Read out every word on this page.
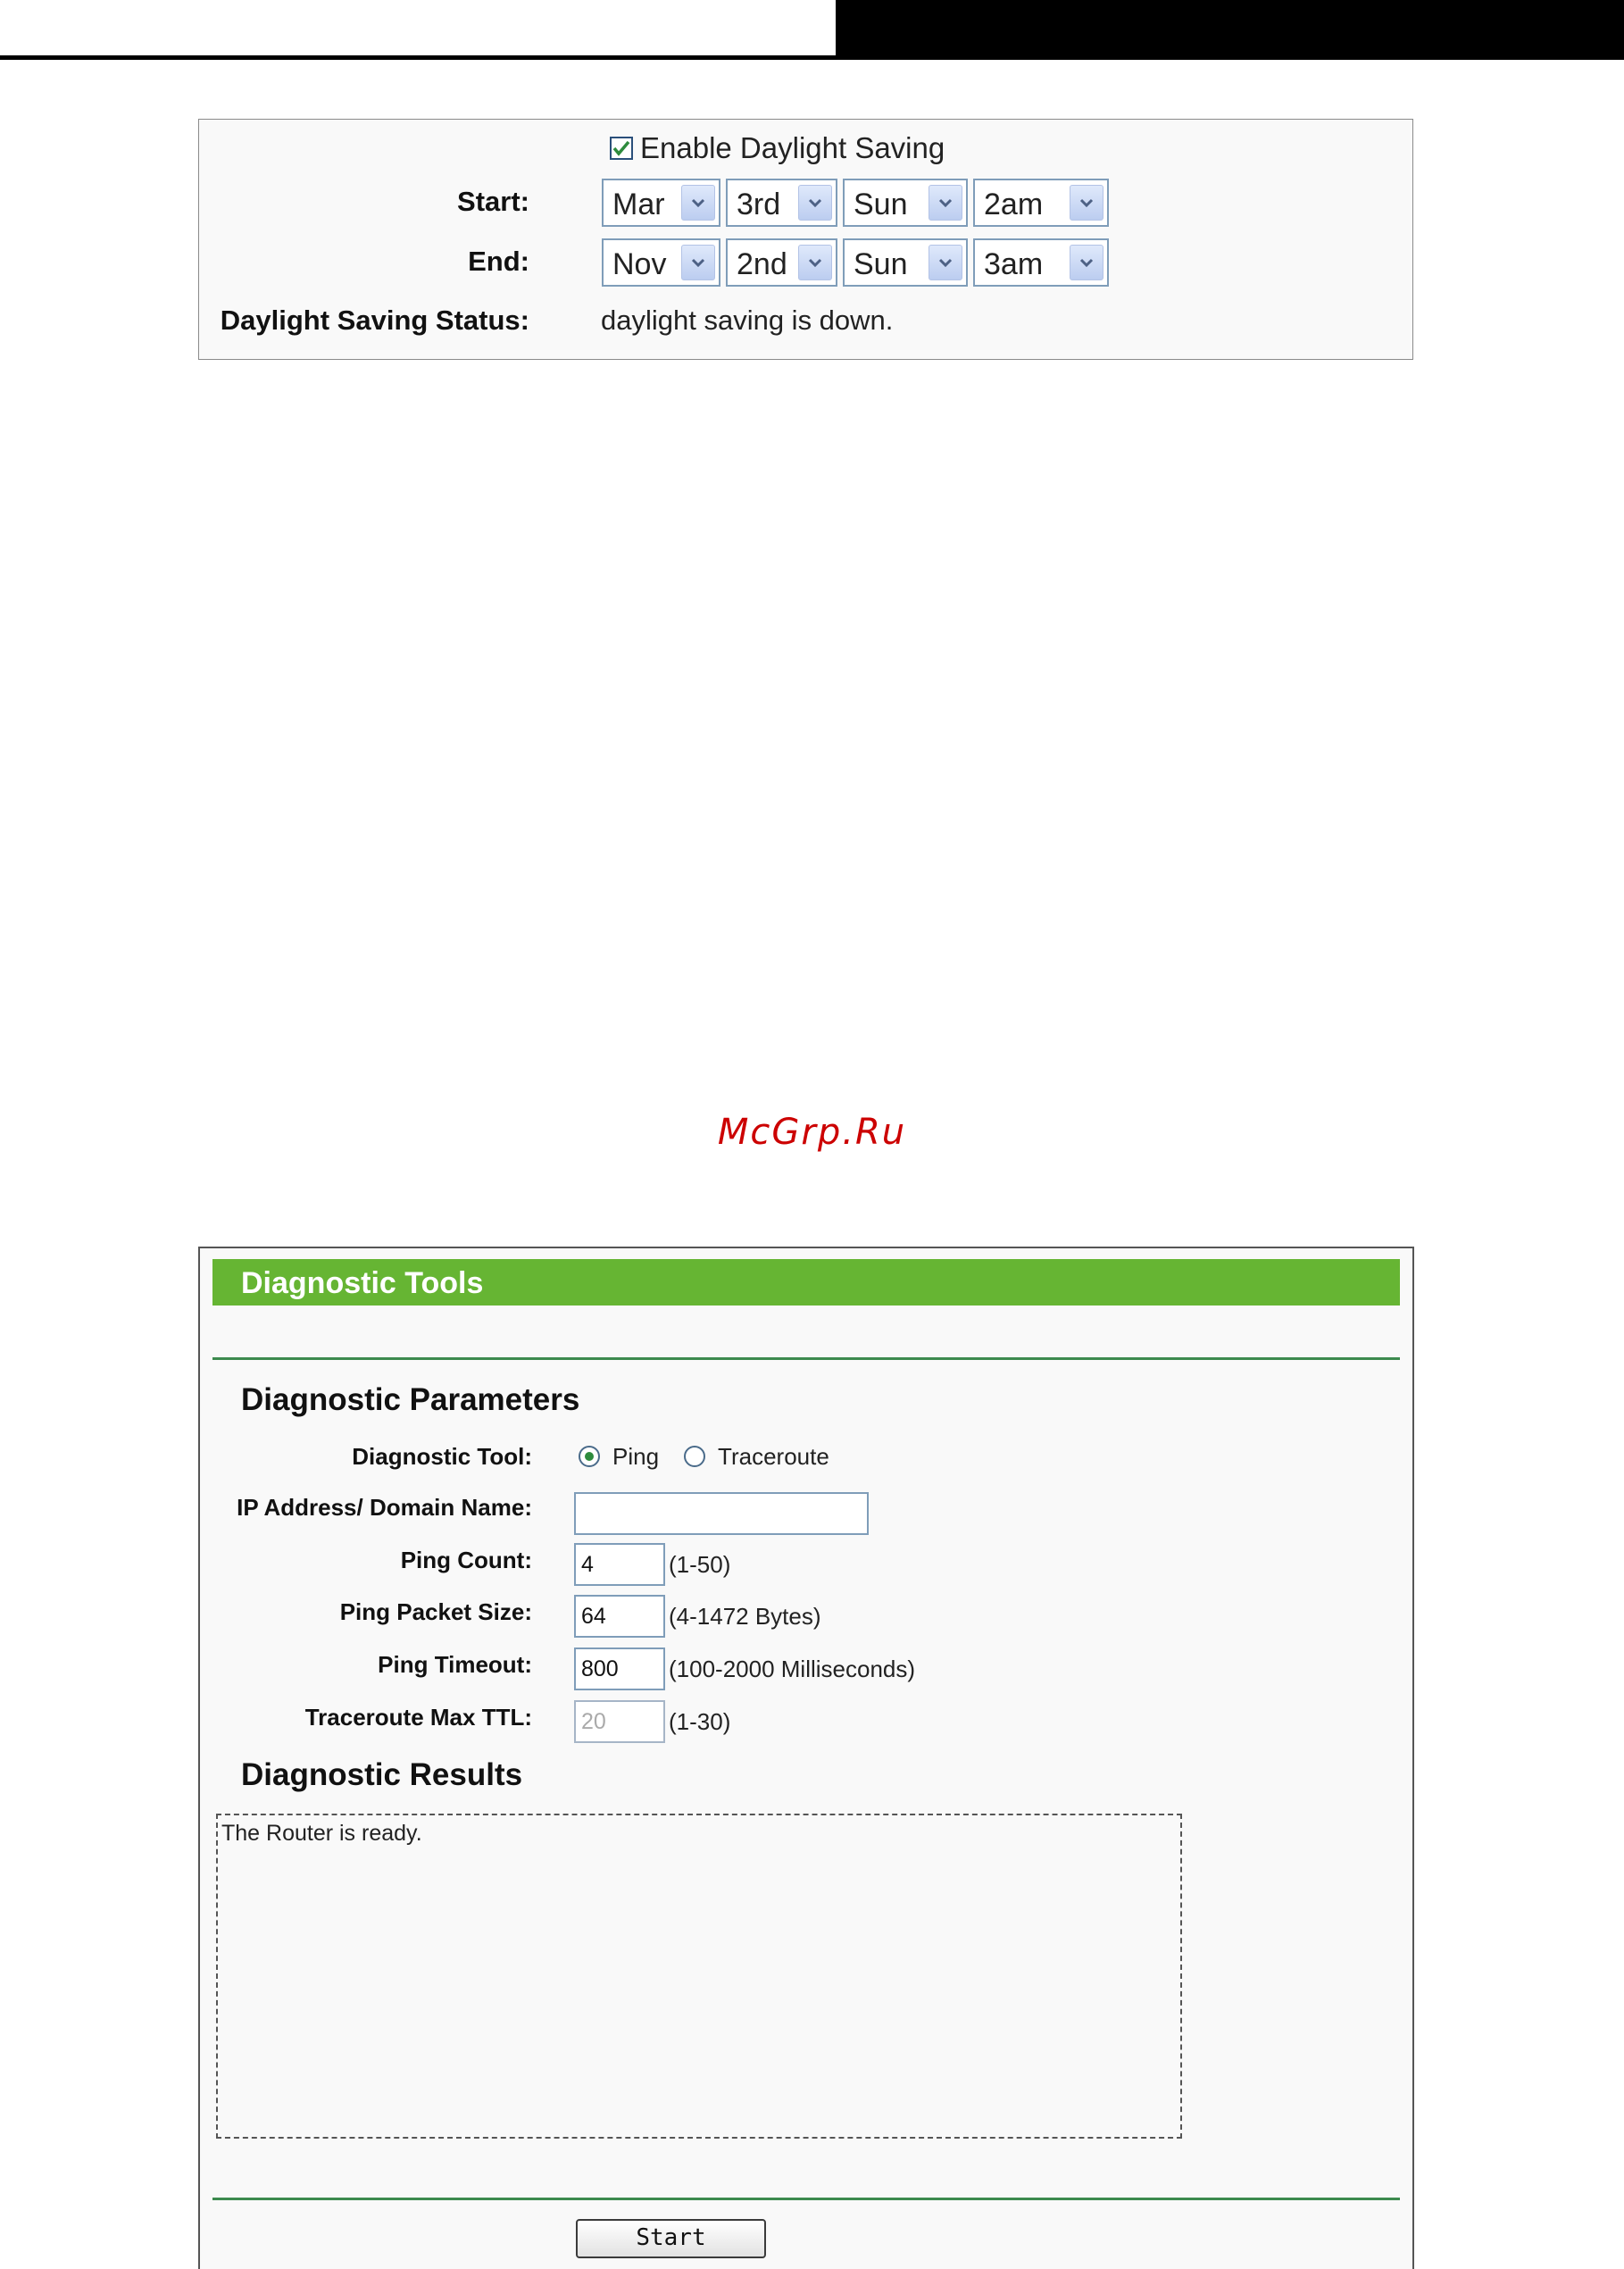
Enable Daylight Saving
Start:	Mar 3rd Sun	2am
End:	Nov 2nd Sun	3am
Daylight Saving Status:	daylight saving is down.
McGrp.Ru
Diagnostic Tools
Diagnostic Parameters
Diagnostic Tool:	Ping	Traceroute
IP Address/ Domain Name:
Ping Count:	4	(1-50)
Ping Packet Size:	64	(4-1472 Bytes)
Ping Timeout:	800	(100-2000 Milliseconds)
Traceroute Max TTL:	20	(1-30)
Diagnostic Results
The Router is ready.
Start
